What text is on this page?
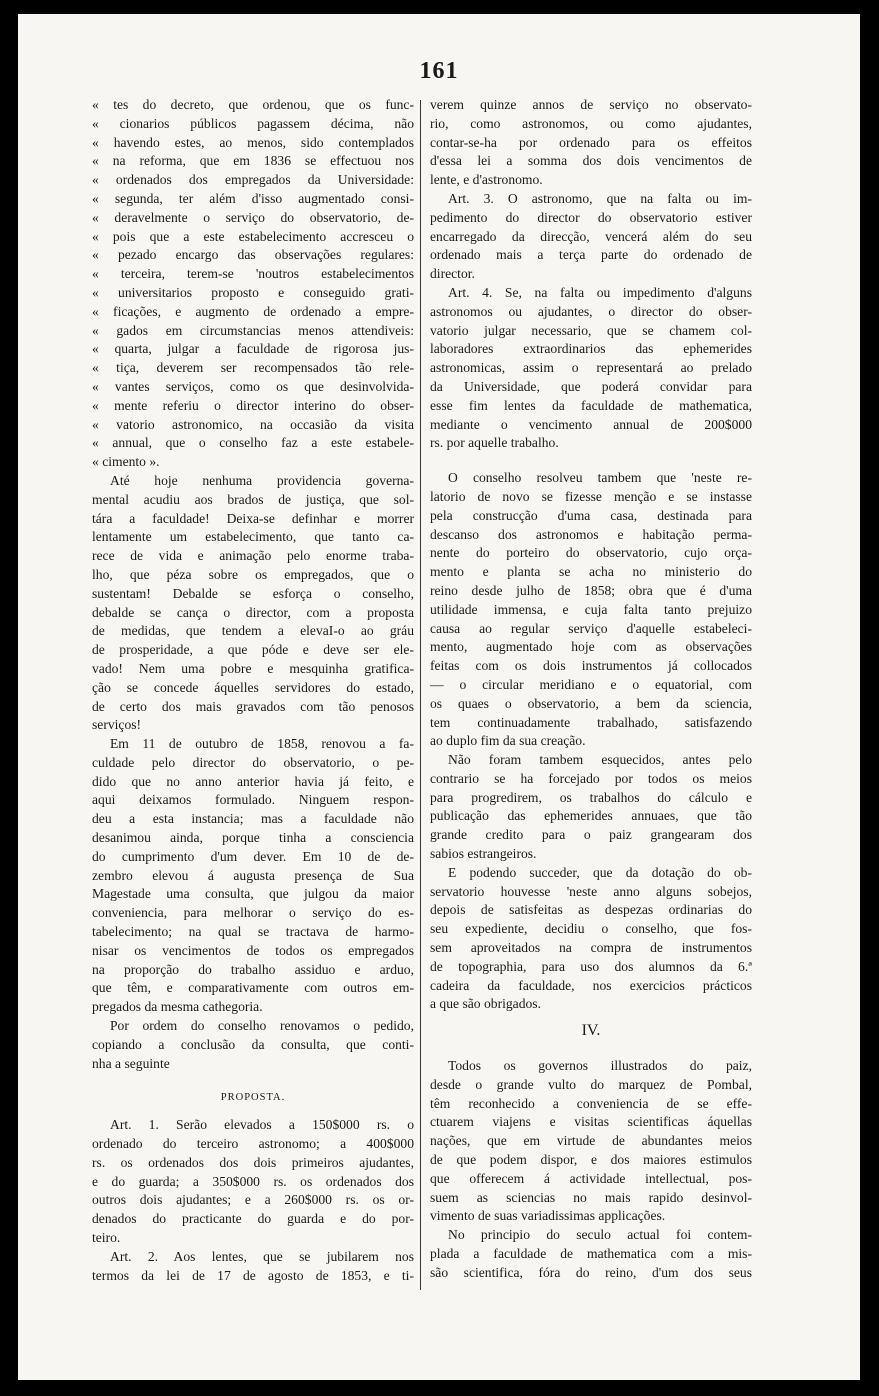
161
« tes do decreto, que ordenou, que os func-
« cionarios públicos pagassem décima, não
« havendo estes, ao menos, sido contemplados
« na reforma, que em 1836 se effectuou nos
« ordenados dos empregados da Universidade:
« segunda, ter além d'isso augmentado consi-
« deravelmente o serviço do observatorio, de-
« pois que a este estabelecimento accresceu o
« pezado encargo das observações regulares:
« terceira, terem-se 'noutros estabelecimentos
« universitarios proposto e conseguido grati-
« ficações, e augmento de ordenado a empre-
« gados em circumstancias menos attendiveis:
« quarta, julgar a faculdade de rigorosa jus-
« tiça, deverem ser recompensados tão rele-
« vantes serviços, como os que desinvolvida-
« mente referiu o director interino do obser-
« vatorio astronomico, na occasião da visita
« annual, que o conselho faz a este estabele-
« cimento ».
Até hoje nenhuma providencia governa-
mental acudiu aos brados de justiça, que sol-
tára a faculdade! Deixa-se definhar e morrer
lentamente um estabelecimento, que tanto ca-
rece de vida e animação pelo enorme traba-
lho, que péza sobre os empregados, que o
sustentam! Debalde se esforça o conselho,
debalde se cança o director, com a proposta
de medidas, que tendem a elevaI-o ao gráu
de prosperidade, a que póde e deve ser ele-
vado! Nem uma pobre e mesquinha gratifica-
ção se concede áquelles servidores do estado,
de certo dos mais gravados com tão penosos
serviços!
Em 11 de outubro de 1858, renovou a fa-
culdade pelo director do observatorio, o pe-
dido que no anno anterior havia já feito, e
aqui deixamos formulado. Ninguem respon-
deu a esta instancia; mas a faculdade não
desanimou ainda, porque tinha a consciencia
do cumprimento d'um dever. Em 10 de de-
zembro elevou á augusta presença de Sua
Magestade uma consulta, que julgou da maior
conveniencia, para melhorar o serviço do es-
tabelecimento; na qual se tractava de harmo-
nisar os vencimentos de todos os empregados
na proporção do trabalho assiduo e arduo,
que têm, e comparativamente com outros em-
pregados da mesma cathegoria.
Por ordem do conselho renovamos o pedido,
copiando a conclusão da consulta, que conti-
nha a seguinte
PROPOSTA.
Art. 1. Serão elevados a 150$000 rs. o
ordenado do terceiro astronomo; a 400$000
rs. os ordenados dos dois primeiros ajudantes,
e do guarda; a 350$000 rs. os ordenados dos
outros dois ajudantes; e a 260$000 rs. os or-
denados do practicante do guarda e do por-
teiro.
Art. 2. Aos lentes, que se jubilarem nos
termos da lei de 17 de agosto de 1853, e ti-
verem quinze annos de serviço no observato-
rio, como astronomos, ou como ajudantes,
contar-se-ha por ordenado para os effeitos
d'essa lei a somma dos dois vencimentos de
lente, e d'astronomo.
Art. 3. O astronomo, que na falta ou im-
pedimento do director do observatorio estiver
encarregado da direcção, vencerá além do seu
ordenado mais a terça parte do ordenado de
director.
Art. 4. Se, na falta ou impedimento d'alguns
astronomos ou ajudantes, o director do obser-
vatorio julgar necessario, que se chamem col-
laboradores extraordinarios das ephemerides
astronomicas, assim o representará ao prelado
da Universidade, que poderá convidar para
esse fim lentes da faculdade de mathematica,
mediante o vencimento annual de 200$000
rs. por aquelle trabalho.
O conselho resolveu tambem que 'neste re-
latorio de novo se fizesse menção e se instasse
pela construcção d'uma casa, destinada para
descanso dos astronomos e habitação perma-
nente do porteiro do observatorio, cujo orça-
mento e planta se acha no ministerio do
reino desde julho de 1858; obra que é d'uma
utilidade immensa, e cuja falta tanto prejuizo
causa ao regular serviço d'aquelle estabeleci-
mento, augmentado hoje com as observações
feitas com os dois instrumentos já collocados
— o circular meridiano e o equatorial, com
os quaes o observatorio, a bem da sciencia,
tem continuadamente trabalhado, satisfazendo
ao duplo fim da sua creação.
Não foram tambem esquecidos, antes pelo
contrario se ha forcejado por todos os meios
para progredirem, os trabalhos do cálculo e
publicação das ephemerides annuaes, que tão
grande credito para o paiz grangearam dos
sabios estrangeiros.
E podendo succeder, que da dotação do ob-
servatorio houvesse 'neste anno alguns sobejos,
depois de satisfeitas as despezas ordinarias do
seu expediente, decidiu o conselho, que fos-
sem aproveitados na compra de instrumentos
de topographia, para uso dos alumnos da 6.ª
cadeira da faculdade, nos exercicios prácticos
a que são obrigados.
IV.
Todos os governos illustrados do paiz,
desde o grande vulto do marquez de Pombal,
têm reconhecido a conveniencia de se effe-
ctuarem viajens e visitas scientificas áquellas
nações, que em virtude de abundantes meios
de que podem dispor, e dos maiores estimulos
que offerecem á actividade intellectual, pos-
suem as sciencias no mais rapido desinvol-
vimento de suas variadissimas applicações.
No principio do seculo actual foi contem-
plada a faculdade de mathematica com a mis-
são scientifica, fóra do reino, d'um dos seus
